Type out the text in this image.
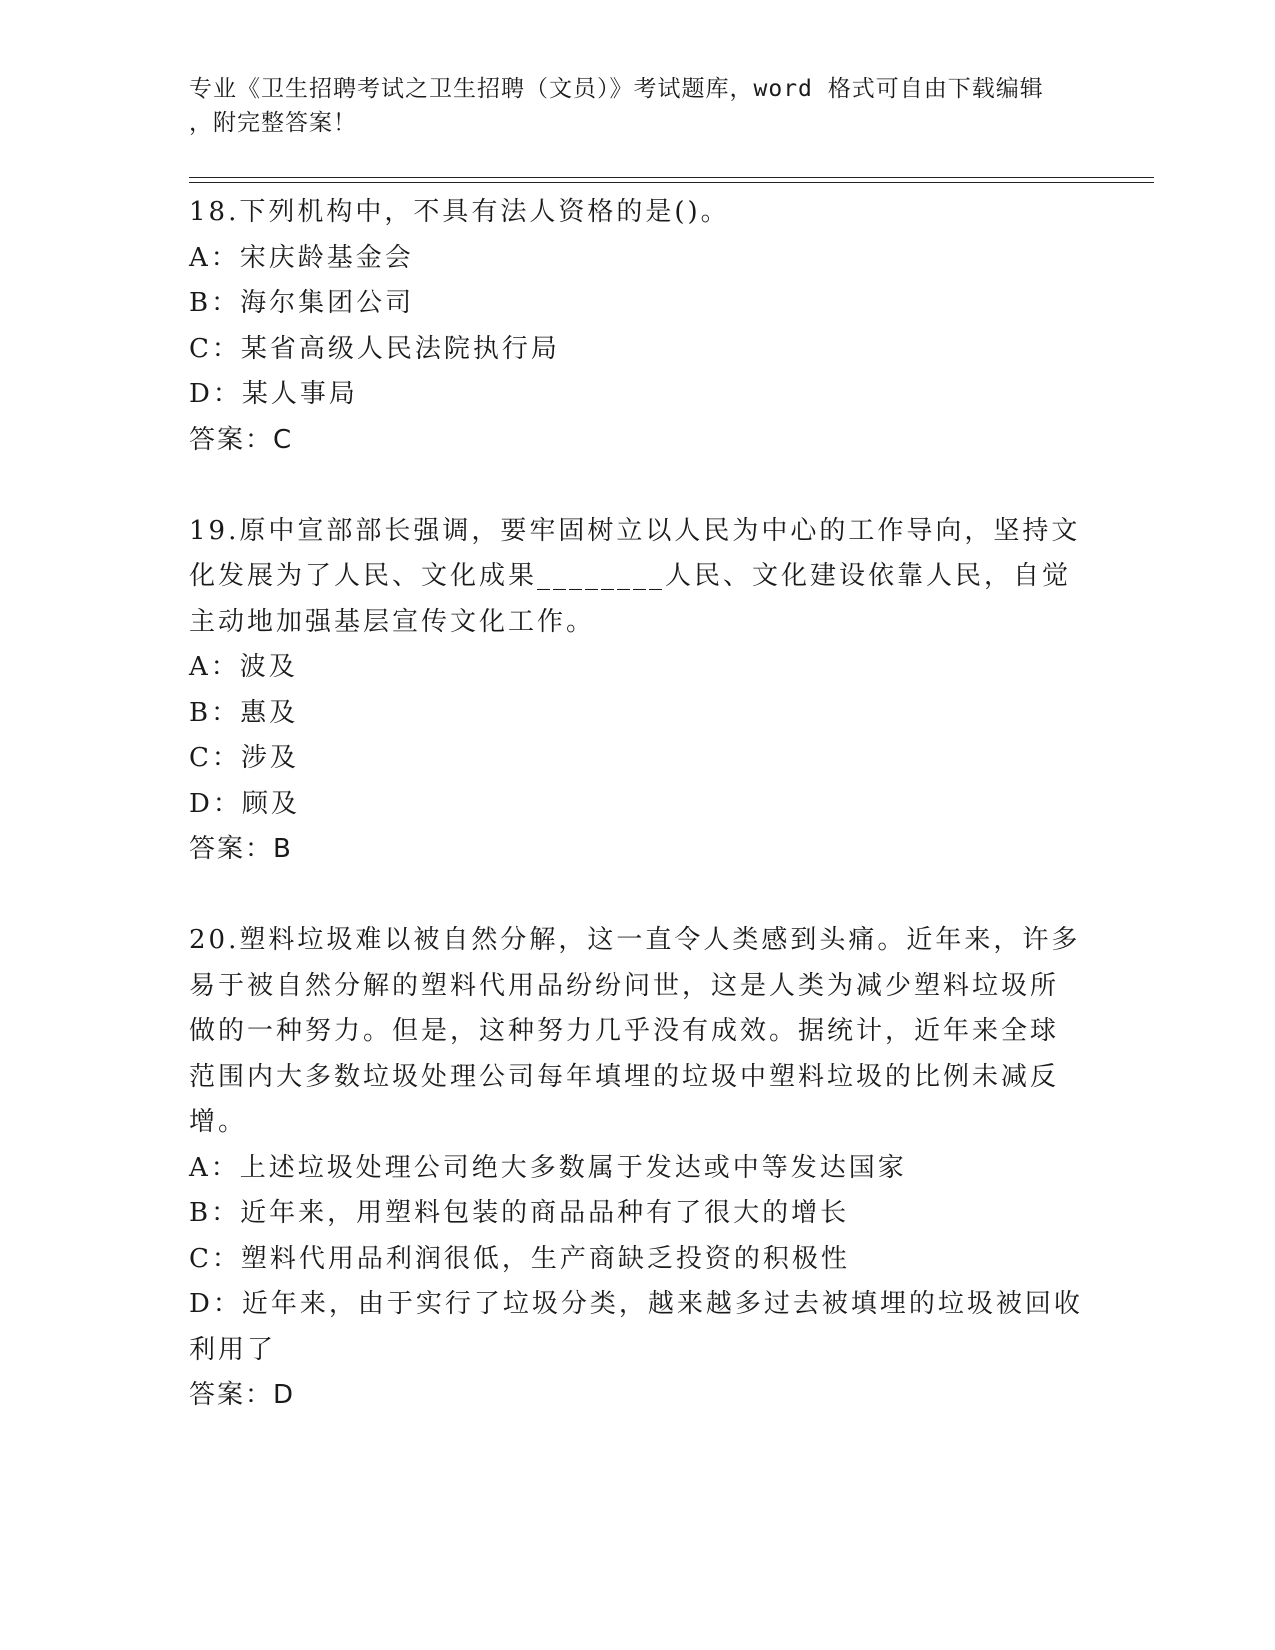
专业《卫生招聘考试之卫生招聘（文员）》考试题库，word 格式可自由下载编辑
，附完整答案！
18.下列机构中，不具有法人资格的是()。
A：宋庆龄基金会
B：海尔集团公司
C：某省高级人民法院执行局
D：某人事局
答案：C
19.原中宣部部长强调，要牢固树立以人民为中心的工作导向，坚持文
化发展为了人民、文化成果________人民、文化建设依靠人民，自觉
主动地加强基层宣传文化工作。
A：波及
B：惠及
C：涉及
D：顾及
答案：B
20.塑料垃圾难以被自然分解，这一直令人类感到头痛。近年来，许多
易于被自然分解的塑料代用品纷纷问世，这是人类为减少塑料垃圾所
做的一种努力。但是，这种努力几乎没有成效。据统计，近年来全球
范围内大多数垃圾处理公司每年填埋的垃圾中塑料垃圾的比例未减反
增。
A：上述垃圾处理公司绝大多数属于发达或中等发达国家
B：近年来，用塑料包装的商品品种有了很大的增长
C：塑料代用品利润很低，生产商缺乏投资的积极性
D：近年来，由于实行了垃圾分类，越来越多过去被填埋的垃圾被回收
利用了
答案：D
